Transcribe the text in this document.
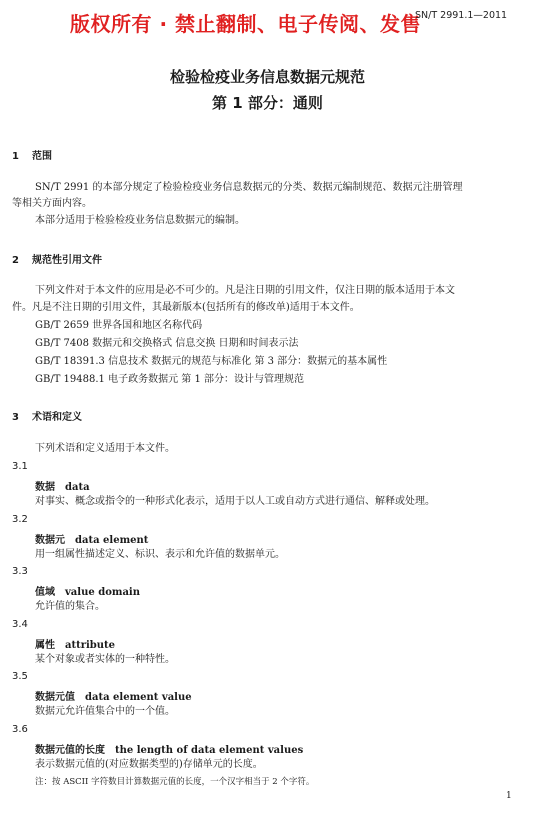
版权所有 · 禁止翻制、电子传阅、发售
SN/T 2991.1—2011
检验检疫业务信息数据元规范
第 1 部分：通则
1 范围
SN/T 2991 的本部分规定了检验检疫业务信息数据元的分类、数据元编制规范、数据元注册管理
等相关方面内容。
本部分适用于检验检疫业务信息数据元的编制。
2 规范性引用文件
下列文件对于本文件的应用是必不可少的。凡是注日期的引用文件，仅注日期的版本适用于本文
件。凡是不注日期的引用文件，其最新版本(包括所有的修改单)适用于本文件。
GB/T 2659 世界各国和地区名称代码
GB/T 7408 数据元和交换格式 信息交换 日期和时间表示法
GB/T 18391.3 信息技术 数据元的规范与标准化 第 3 部分：数据元的基本属性
GB/T 19488.1 电子政务数据元 第 1 部分：设计与管理规范
3 术语和定义
下列术语和定义适用于本文件。
3.1
数据 data
对事实、概念或指令的一种形式化表示，适用于以人工或自动方式进行通信、解释或处理。
3.2
数据元 data element
用一组属性描述定义、标识、表示和允许值的数据单元。
3.3
值域 value domain
允许值的集合。
3.4
属性 attribute
某个对象或者实体的一种特性。
3.5
数据元值 data element value
数据元允许值集合中的一个值。
3.6
数据元值的长度 the length of data element values
表示数据元值的(对应数据类型的)存储单元的长度。
注：按 ASCII 字符数目计算数据元值的长度，一个汉字相当于 2 个字符。
1
